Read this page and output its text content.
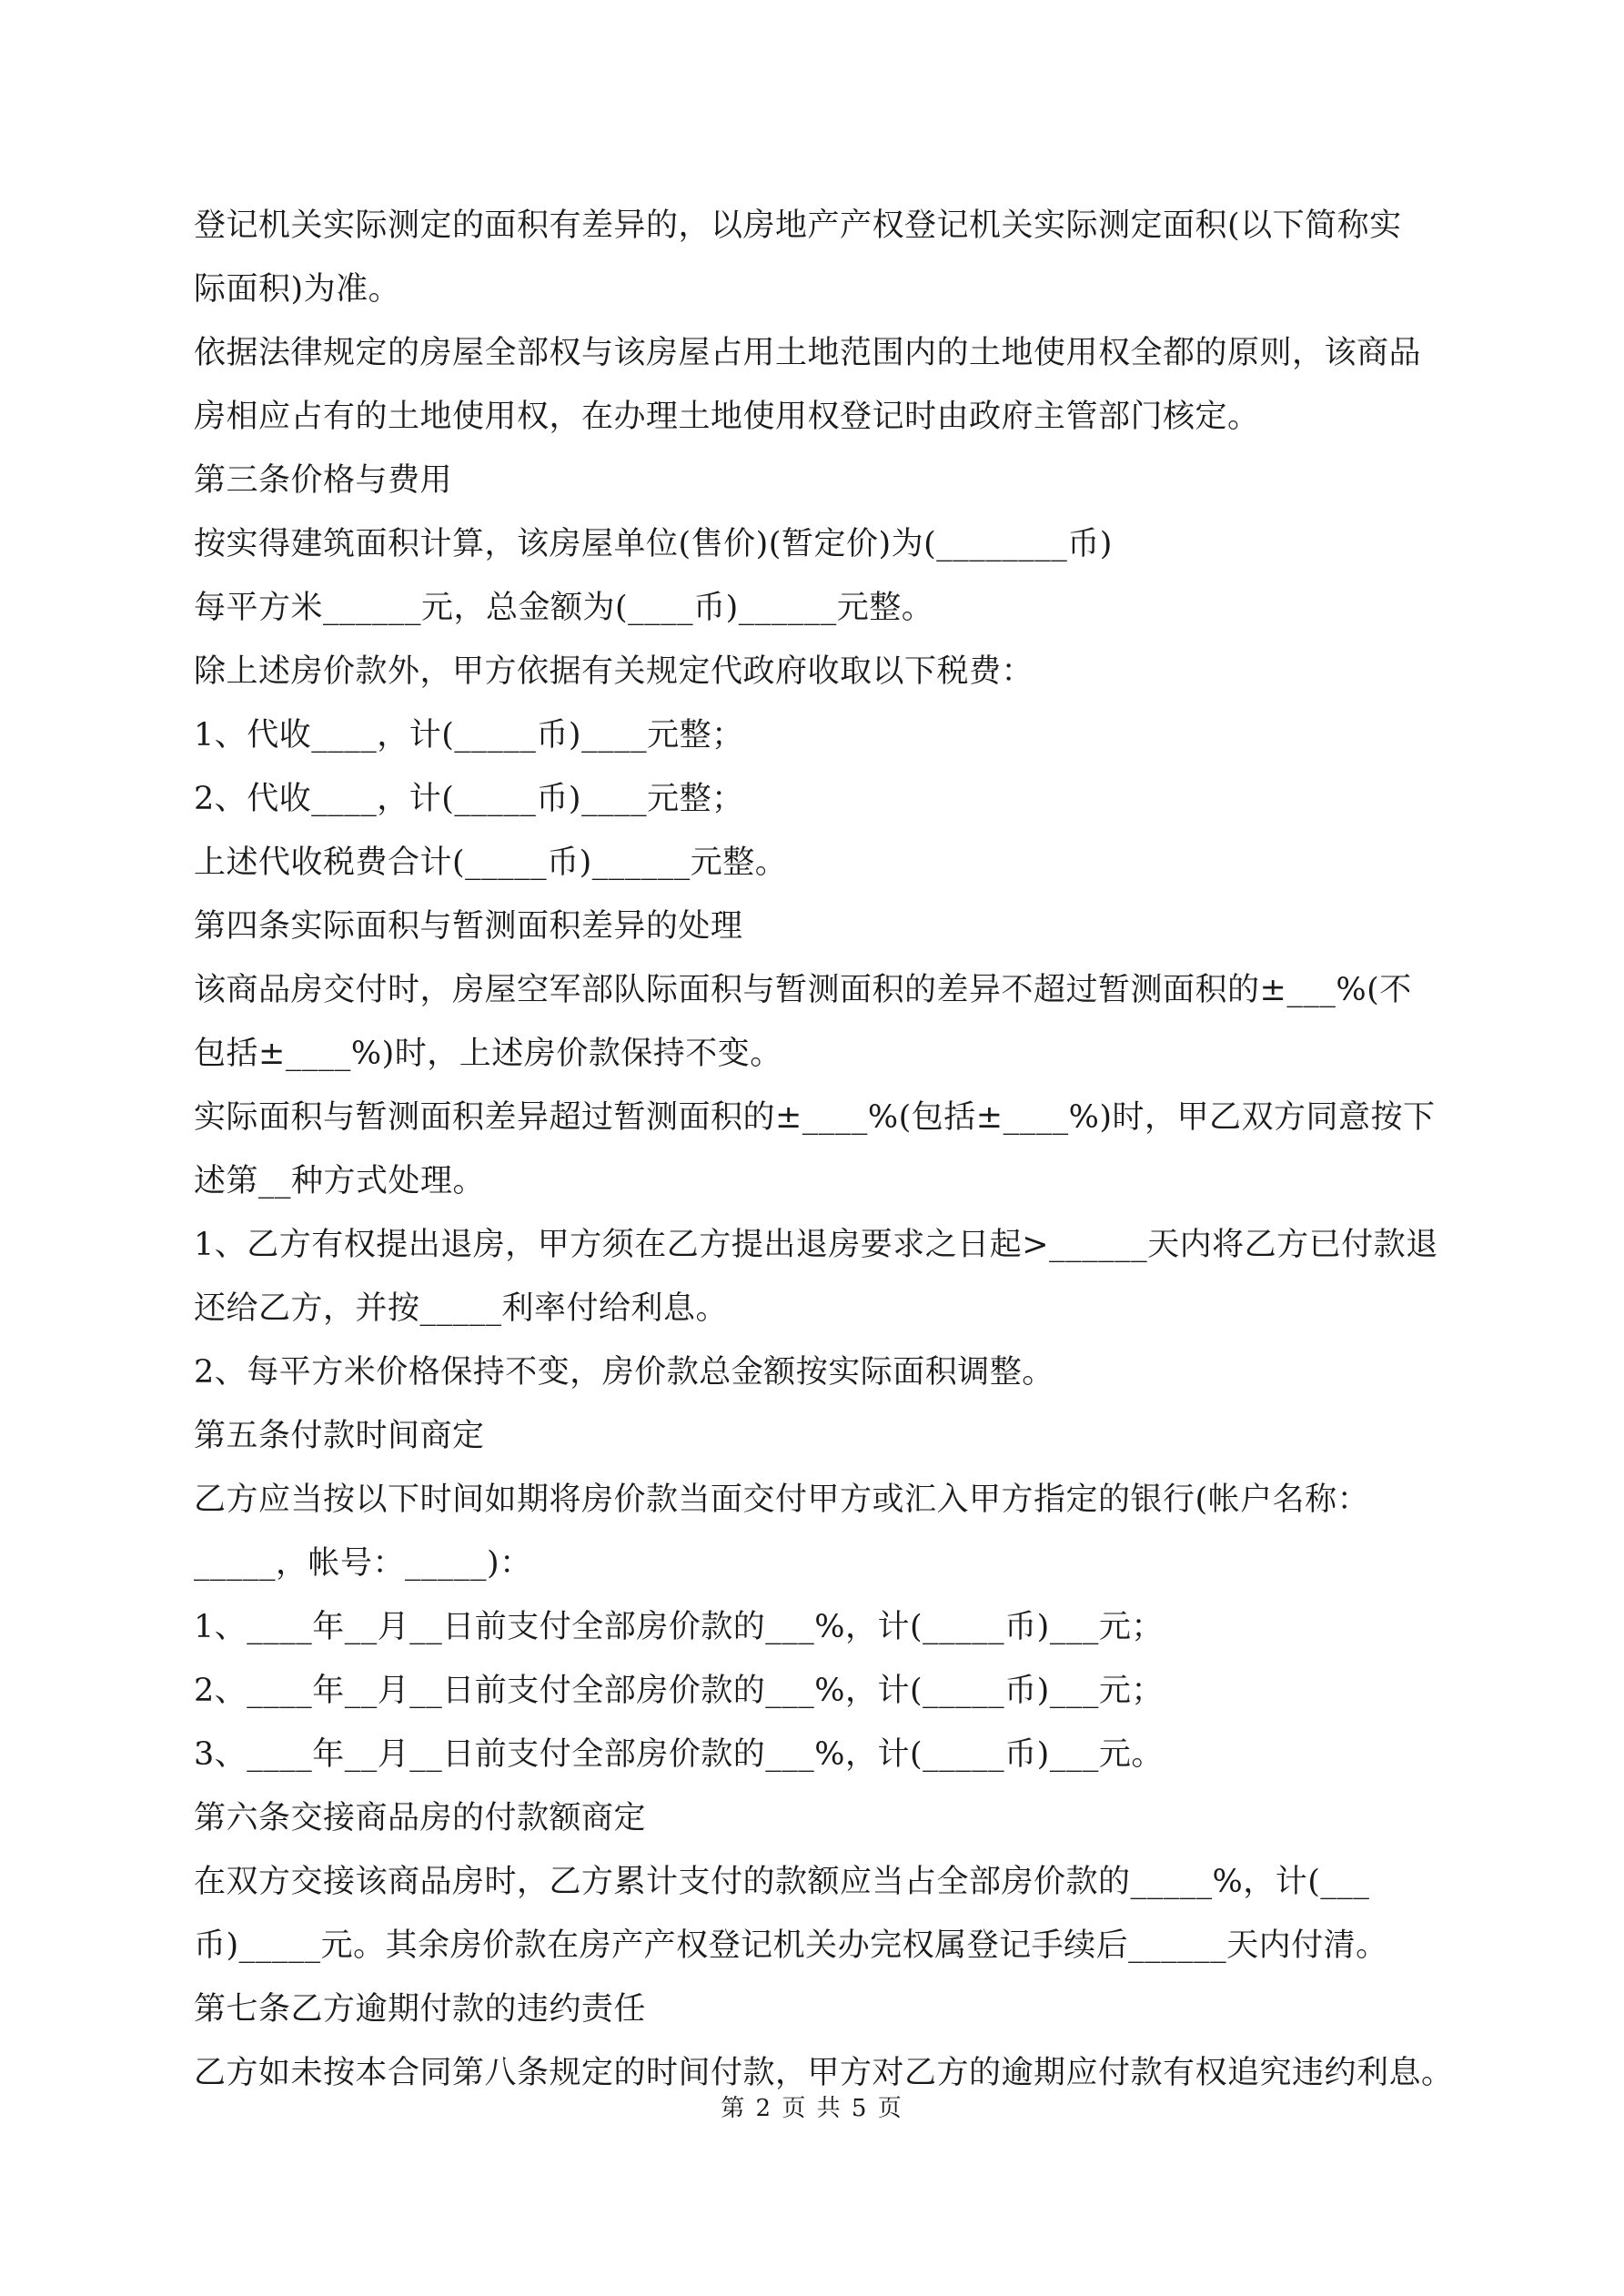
登记机关实际测定的面积有差异的，以房地产产权登记机关实际测定面积(以下简称实
际面积)为准。
依据法律规定的房屋全部权与该房屋占用土地范围内的土地使用权全都的原则，该商品
房相应占有的土地使用权，在办理土地使用权登记时由政府主管部门核定。
第三条价格与费用
按实得建筑面积计算，该房屋单位(售价)(暂定价)为(________币)
每平方米______元，总金额为(____币)______元整。
除上述房价款外，甲方依据有关规定代政府收取以下税费：
1、代收____，计(_____币)____元整；
2、代收____，计(_____币)____元整；
上述代收税费合计(_____币)______元整。
第四条实际面积与暂测面积差异的处理
该商品房交付时，房屋空军部队际面积与暂测面积的差异不超过暂测面积的±___%(不
包括±____%)时，上述房价款保持不变。
实际面积与暂测面积差异超过暂测面积的±____%(包括±____%)时，甲乙双方同意按下
述第__种方式处理。
1、乙方有权提出退房，甲方须在乙方提出退房要求之日起>______天内将乙方已付款退
还给乙方，并按_____利率付给利息。
2、每平方米价格保持不变，房价款总金额按实际面积调整。
第五条付款时间商定
乙方应当按以下时间如期将房价款当面交付甲方或汇入甲方指定的银行(帐户名称：
_____，帐号：_____)：
1、____年__月__日前支付全部房价款的___%，计(_____币)___元；
2、____年__月__日前支付全部房价款的___%，计(_____币)___元；
3、____年__月__日前支付全部房价款的___%，计(_____币)___元。
第六条交接商品房的付款额商定
在双方交接该商品房时，乙方累计支付的款额应当占全部房价款的_____%，计(___
币)_____元。其余房价款在房产产权登记机关办完权属登记手续后______天内付清。
第七条乙方逾期付款的违约责任
乙方如未按本合同第八条规定的时间付款，甲方对乙方的逾期应付款有权追究违约利息。
第 2 页 共 5 页
